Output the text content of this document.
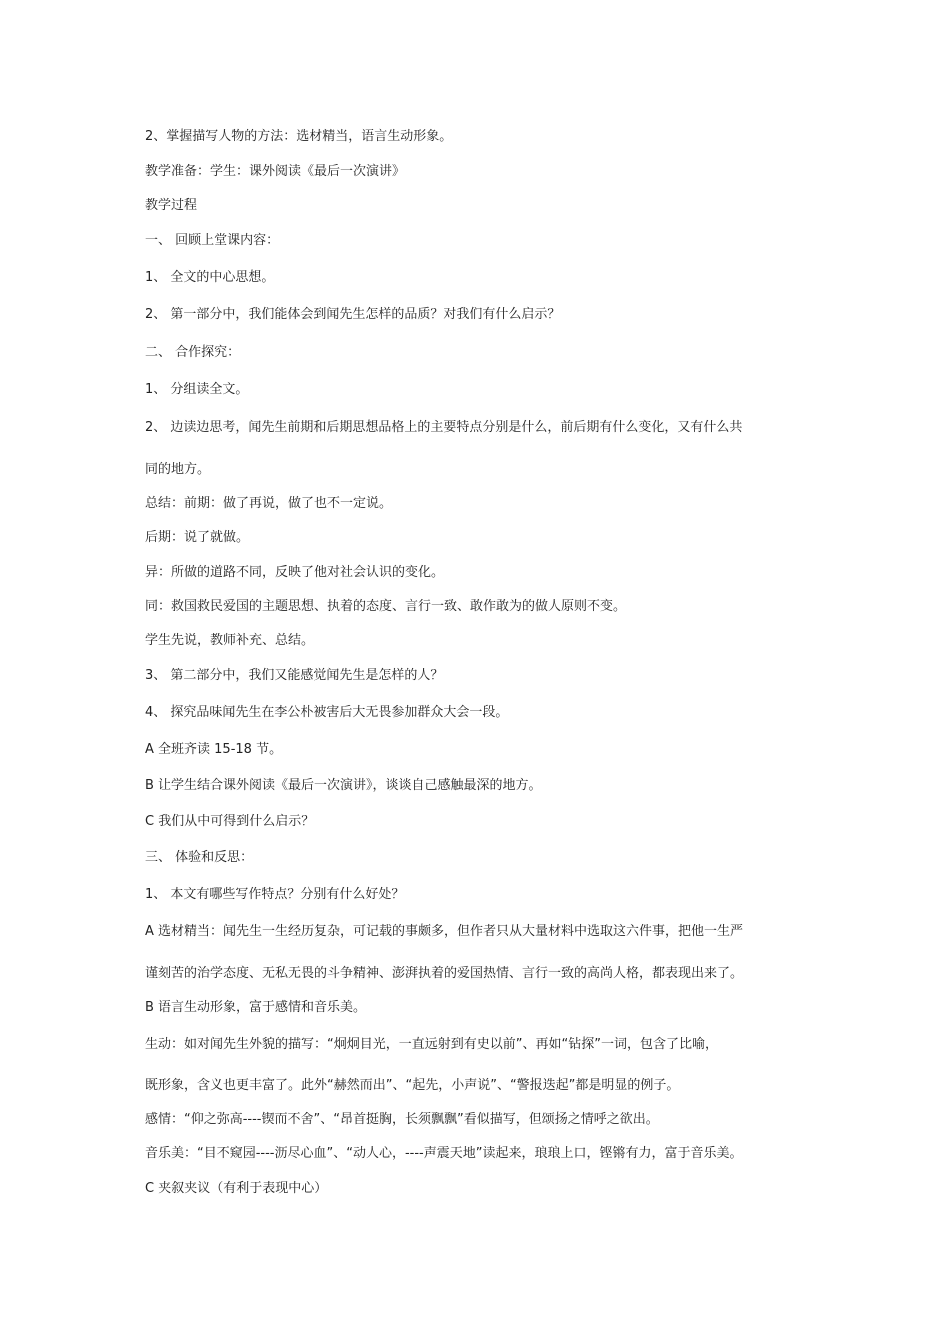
2、掌握描写人物的方法：选材精当，语言生动形象。
教学准备：学生：课外阅读《最后一次演讲》
教学过程
一、 回顾上堂课内容：
1、 全文的中心思想。
2、 第一部分中，我们能体会到闻先生怎样的品质？对我们有什么启示？
二、 合作探究：
1、 分组读全文。
2、 边读边思考，闻先生前期和后期思想品格上的主要特点分别是什么，前后期有什么变化，又有什么共
同的地方。
总结：前期：做了再说，做了也不一定说。
后期：说了就做。
异：所做的道路不同，反映了他对社会认识的变化。
同：救国救民爱国的主题思想、执着的态度、言行一致、敢作敢为的做人原则不变。
学生先说，教师补充、总结。
3、 第二部分中，我们又能感觉闻先生是怎样的人？
4、 探究品味闻先生在李公朴被害后大无畏参加群众大会一段。
A 全班齐读 15-18 节。
B 让学生结合课外阅读《最后一次演讲》，谈谈自己感触最深的地方。
C 我们从中可得到什么启示？
三、 体验和反思：
1、 本文有哪些写作特点？分别有什么好处？
A 选材精当：闻先生一生经历复杂，可记载的事颇多，但作者只从大量材料中选取这六件事，把他一生严
谨刻苦的治学态度、无私无畏的斗争精神、澎湃执着的爱国热情、言行一致的高尚人格，都表现出来了。
B 语言生动形象，富于感情和音乐美。
生动：如对闻先生外貌的描写：“炯炯目光，一直远射到有史以前”、再如“钻探”一词，包含了比喻，
既形象，含义也更丰富了。此外“赫然而出”、“起先，小声说”、“警报迭起”都是明显的例子。
感情：“仰之弥高----锲而不舍”、“昂首挺胸，长须飘飘”看似描写，但颂扬之情呼之欲出。
音乐美：“目不窥园----沥尽心血”、“动人心，----声震天地”读起来，琅琅上口，铿锵有力，富于音乐美。
C 夹叙夹议（有利于表现中心）
